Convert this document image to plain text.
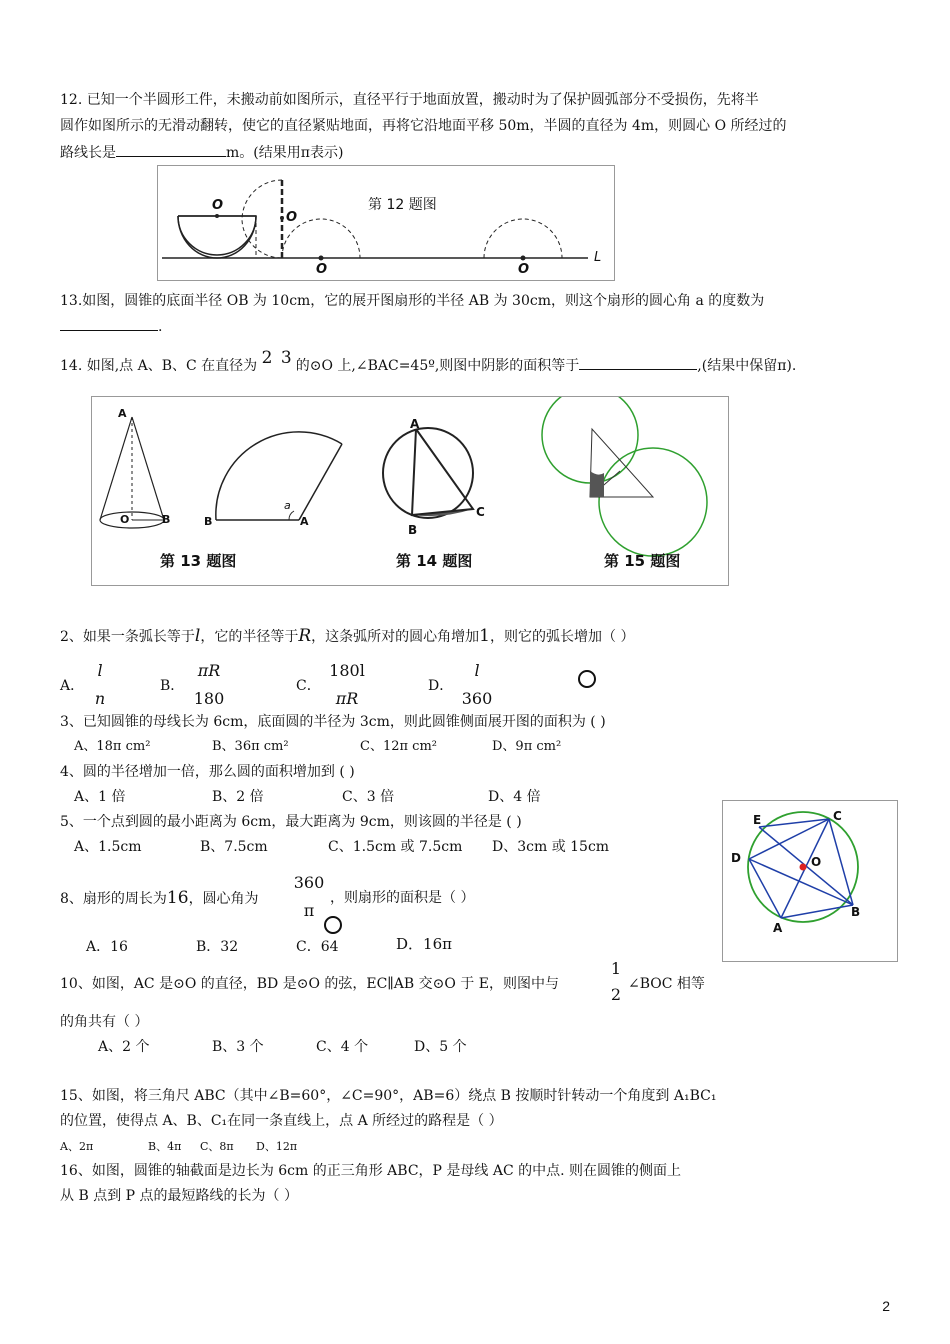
12. 已知一个半圆形工件，未搬动前如图所示，直径平行于地面放置，搬动时为了保护圆弧部分不受损伤，先将半
圆作如图所示的无滑动翻转，使它的直径紧贴地面，再将它沿地面平移 50m，半圆的直径为 4m，则圆心 O 所经过的
路线长是	m。(结果用π表示)
第 12 题图
O
O
O	O
L
13.如图，圆锥的底面半径 OB 为 10cm，它的展开图扇形的半径 AB 为 30cm，则这个扇形的圆心角 a 的度数为
.
14. 如图,点 A、B、C 在直径为 2 3 的⊙O 上,∠BAC=45º,则图中阴影的面积等于	,(结果中保留π).
A
B
O	B	A
a
A
B
C
第 13 题图	第 14 题图	第 15 题图
2、如果一条弧长等于l，它的半径等于R，这条弧所对的圆心角增加1，则它的弧长增加（ ）
A．
l
n
B．
πR
180
C．
180l
πR
D．
l
360
3、已知圆锥的母线长为 6cm，底面圆的半径为 3cm，则此圆锥侧面展开图的面积为 ( )
A、18π cm²	B、36π cm²	C、12π cm²	D、9π cm²
4、圆的半径增加一倍，那么圆的面积增加到 ( )
A、1 倍	B、2 倍	C、3 倍	D、4 倍
5、一个点到圆的最小距离为 6cm，最大距离为 9cm，则该圆的半径是 ( )
A、1.5cm	B、7.5cm	C、1.5cm 或 7.5cm D、3cm 或 15cm
E	C
D	O
A
B
8、扇形的周长为16，圆心角为
360
π
，则扇形的面积是（ ）
A．16	B．32	C．64	D．16π
10、如图，AC 是⊙O 的直径，BD 是⊙O 的弦，EC∥AB 交⊙O 于 E，则图中与
1
2
∠BOC 相等
的角共有（ ）
A、2 个	B、3 个	C、4 个	D、5 个
15、如图，将三角尺 ABC（其中∠B=60°，∠C=90°，AB=6）绕点 B 按顺时针转动一个角度到 A₁BC₁
的位置，使得点 A、B、C₁在同一条直线上，点 A 所经过的路程是（ ）
A、2π	B、4π C、8π D、12π
16、如图，圆锥的轴截面是边长为 6cm 的正三角形 ABC，P 是母线 AC 的中点. 则在圆锥的侧面上
从 B 点到 P 点的最短路线的长为（ ）
2
